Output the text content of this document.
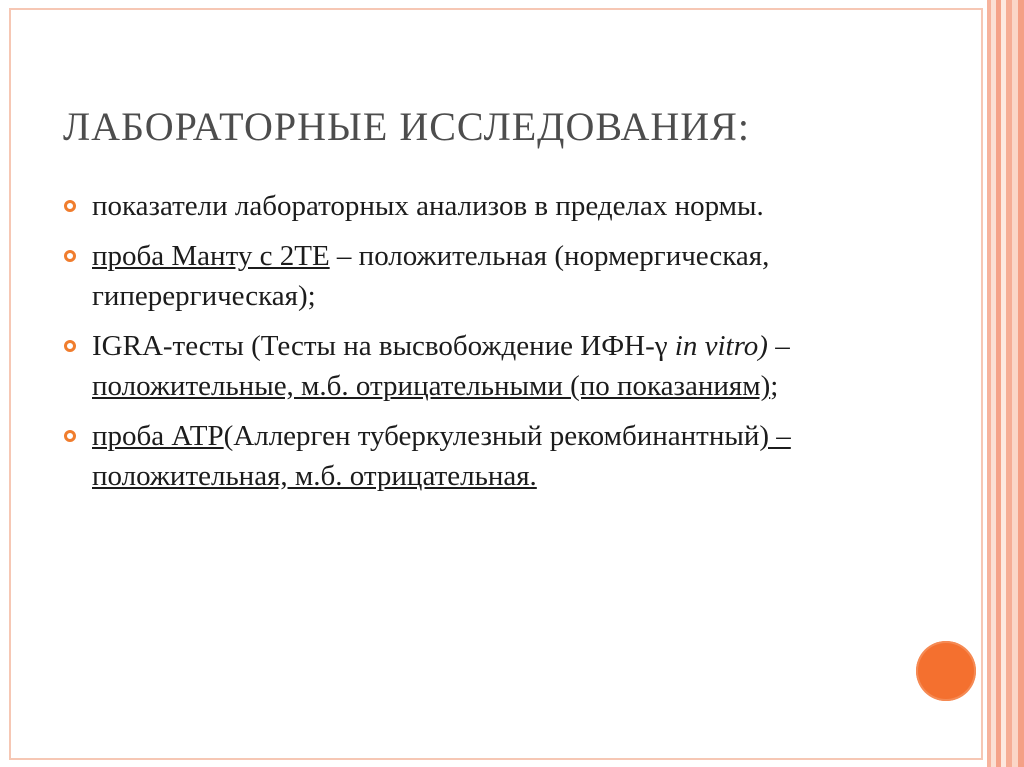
ЛАБОРАТОРНЫЕ ИССЛЕДОВАНИЯ:
показатели лабораторных анализов в пределах нормы.
проба Манту с 2ТЕ – положительная (нормергическая, гиперергическая);
IGRA-тесты (Тесты на высвобождение ИФН-γ in vitro) – положительные, м.б. отрицательными (по показаниям);
проба АТР(Аллерген туберкулезный рекомбинантный) – положительная, м.б. отрицательная.
